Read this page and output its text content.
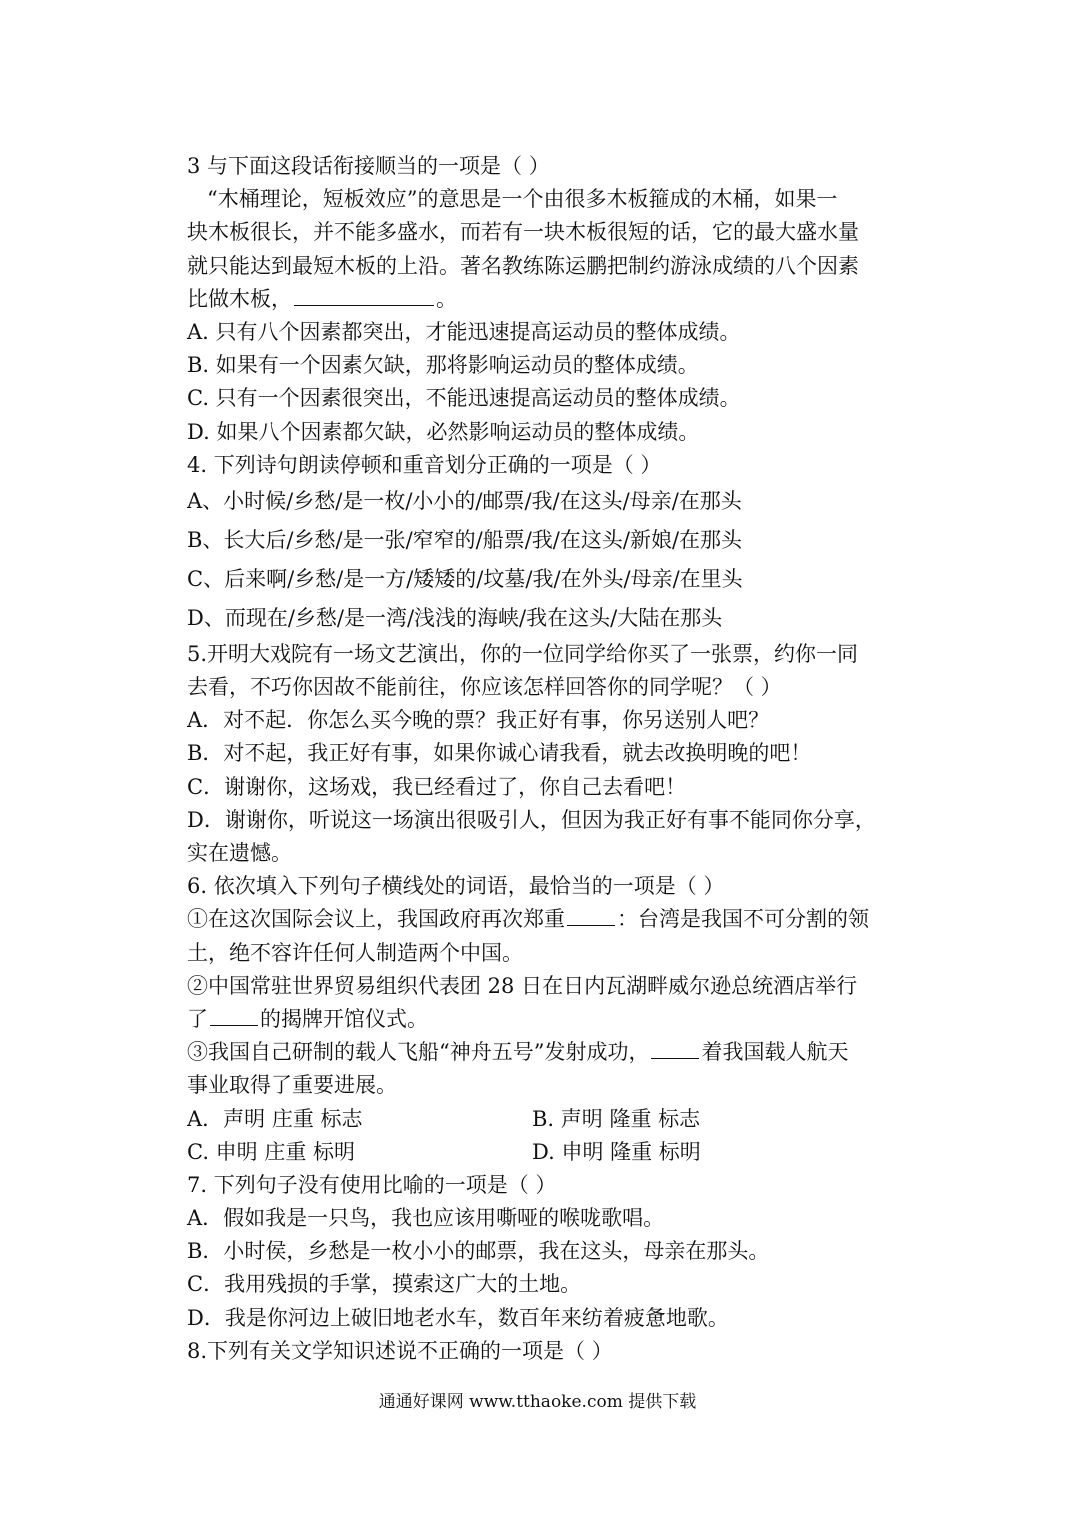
3 与下面这段话衔接顺当的一项是（ ）
“木桶理论，短板效应”的意思是一个由很多木板箍成的木桶，如果一
块木板很长，并不能多盛水，而若有一块木板很短的话，它的最大盛水量
就只能达到最短木板的上沿。著名教练陈运鹏把制约游泳成绩的八个因素
比做木板，	。
A. 只有八个因素都突出，才能迅速提高运动员的整体成绩。
B. 如果有一个因素欠缺，那将影响运动员的整体成绩。
C. 只有一个因素很突出，不能迅速提高运动员的整体成绩。
D. 如果八个因素都欠缺，必然影响运动员的整体成绩。
4. 下列诗句朗读停顿和重音划分正确的一项是（ ）
A、小时候/乡愁/是一枚/小小的/邮票/我/在这头/母亲/在那头
B、长大后/乡愁/是一张/窄窄的/船票/我/在这头/新娘/在那头
C、后来啊/乡愁/是一方/矮矮的/坟墓/我/在外头/母亲/在里头
D、而现在/乡愁/是一湾/浅浅的海峡/我在这头/大陆在那头
5.开明大戏院有一场文艺演出，你的一位同学给你买了一张票，约你一同
去看，不巧你因故不能前往，你应该怎样回答你的同学呢？（ ）
A．对不起．你怎么买今晚的票？我正好有事，你另送别人吧？
B．对不起，我正好有事，如果你诚心请我看，就去改换明晚的吧！
C．谢谢你，这场戏，我已经看过了，你自己去看吧！
D．谢谢你，听说这一场演出很吸引人，但因为我正好有事不能同你分享，
实在遗憾。
6. 依次填入下列句子横线处的词语，最恰当的一项是（ ）
①在这次国际会议上，我国政府再次郑重 ：台湾是我国不可分割的领
土，绝不容许任何人制造两个中国。
②中国常驻世界贸易组织代表团 28 日在日内瓦湖畔威尔逊总统酒店举行
了 的揭牌开馆仪式。
③我国自己研制的载人飞船“神舟五号”发射成功， 着我国载人航天
事业取得了重要进展。
A．声明 庄重 标志	B. 声明 隆重 标志
C. 申明 庄重 标明	D. 申明 隆重 标明
7. 下列句子没有使用比喻的一项是（ ）
A．假如我是一只鸟，我也应该用嘶哑的喉咙歌唱。
B．小时侯，乡愁是一枚小小的邮票，我在这头，母亲在那头。
C．我用残损的手掌，摸索这广大的土地。
D．我是你河边上破旧地老水车，数百年来纺着疲惫地歌。
8.下列有关文学知识述说不正确的一项是（ ）
通通好课网 www.tthaoke.com 提供下载
